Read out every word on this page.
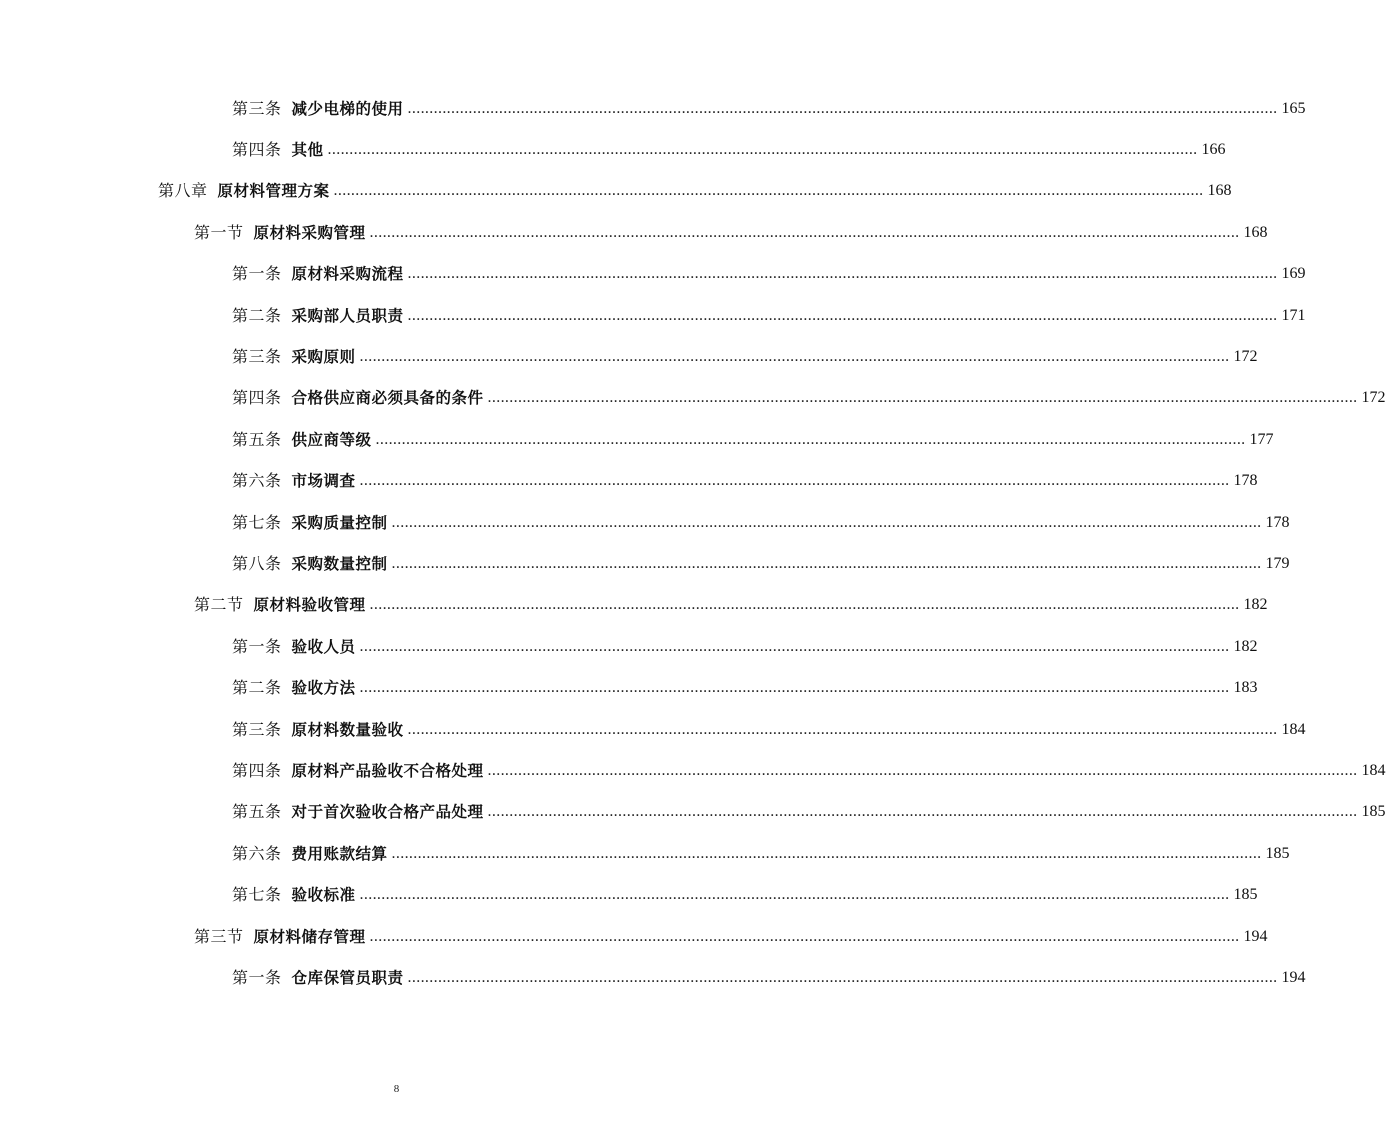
第三条 减少电梯的使用 ........................................................................................................................................................................................................ 165
第四条 其他 ........................................................................................................................................................................................................ 166
第八章 原材料管理方案 ........................................................................................................................................................................................................ 168
第一节 原材料采购管理 ........................................................................................................................................................................................................ 168
第一条 原材料采购流程 ........................................................................................................................................................................................................ 169
第二条 采购部人员职责 ........................................................................................................................................................................................................ 171
第三条 采购原则 ........................................................................................................................................................................................................ 172
第四条 合格供应商必须具备的条件 ........................................................................................................................................................................................................ 172
第五条 供应商等级 ........................................................................................................................................................................................................ 177
第六条 市场调查 ........................................................................................................................................................................................................ 178
第七条 采购质量控制 ........................................................................................................................................................................................................ 178
第八条 采购数量控制 ........................................................................................................................................................................................................ 179
第二节 原材料验收管理 ........................................................................................................................................................................................................ 182
第一条 验收人员 ........................................................................................................................................................................................................ 182
第二条 验收方法 ........................................................................................................................................................................................................ 183
第三条 原材料数量验收 ........................................................................................................................................................................................................ 184
第四条 原材料产品验收不合格处理 ........................................................................................................................................................................................................ 184
第五条 对于首次验收合格产品处理 ........................................................................................................................................................................................................ 185
第六条 费用账款结算 ........................................................................................................................................................................................................ 185
第七条 验收标准 ........................................................................................................................................................................................................ 185
第三节 原材料储存管理 ........................................................................................................................................................................................................ 194
第一条 仓库保管员职责 ........................................................................................................................................................................................................ 194
8
